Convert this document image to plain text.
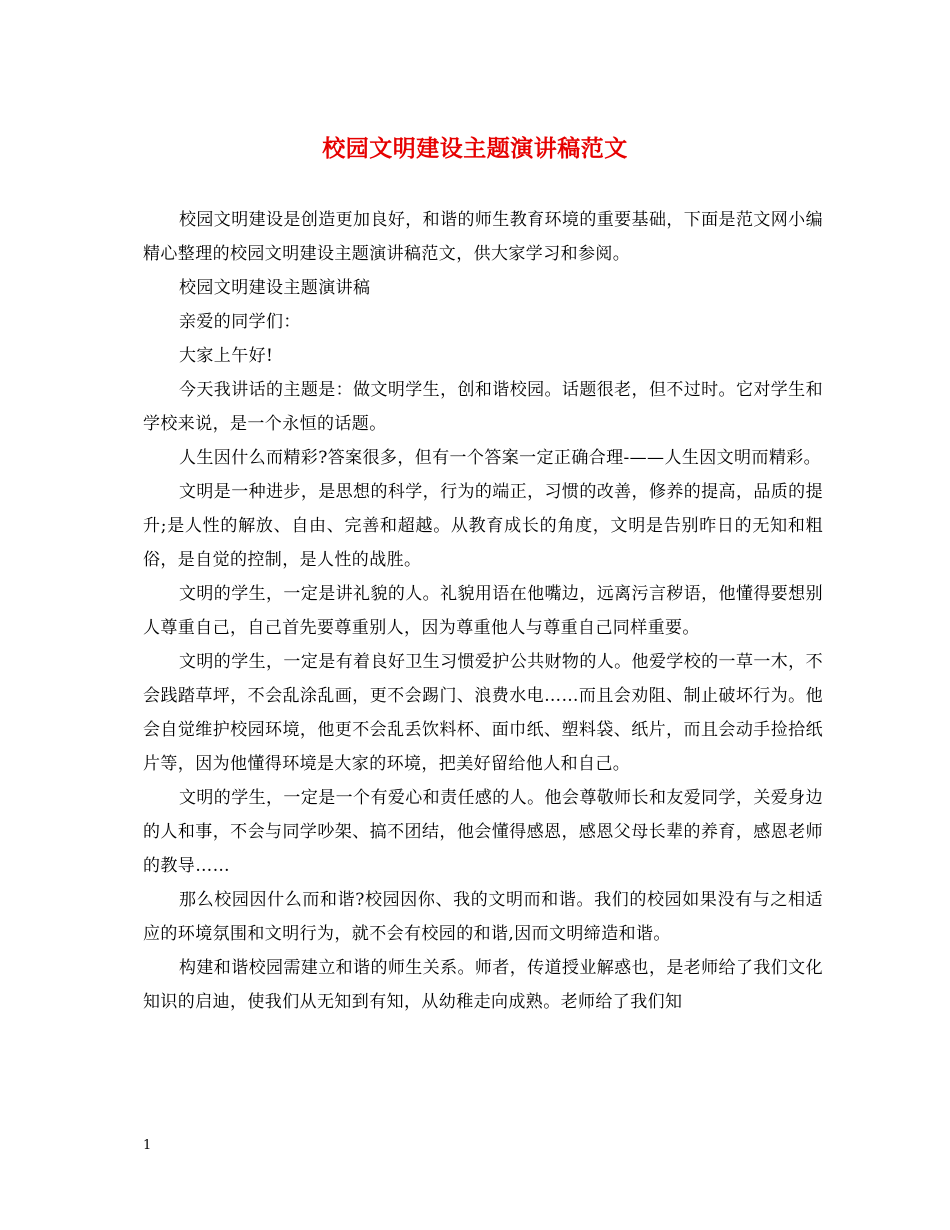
校园文明建设主题演讲稿范文

校园文明建设是创造更加良好，和谐的师生教育环境的重要基础，下面是范文网小编精心整理的校园文明建设主题演讲稿范文，供大家学习和参阅。

校园文明建设主题演讲稿

亲爱的同学们：

大家上午好!

今天我讲话的主题是：做文明学生，创和谐校园。话题很老，但不过时。它对学生和学校来说，是一个永恒的话题。

人生因什么而精彩?答案很多，但有一个答案一定正确合理-——人生因文明而精彩。

文明是一种进步，是思想的科学，行为的端正，习惯的改善，修养的提高，品质的提升;是人性的解放、自由、完善和超越。从教育成长的角度，文明是告别昨日的无知和粗俗，是自觉的控制，是人性的战胜。

文明的学生，一定是讲礼貌的人。礼貌用语在他嘴边，远离污言秽语，他懂得要想别人尊重自己，自己首先要尊重别人，因为尊重他人与尊重自己同样重要。

文明的学生，一定是有着良好卫生习惯爱护公共财物的人。他爱学校的一草一木，不会践踏草坪，不会乱涂乱画，更不会踢门、浪费水电……而且会劝阻、制止破坏行为。他会自觉维护校园环境，他更不会乱丢饮料杯、面巾纸、塑料袋、纸片，而且会动手捡拾纸片等，因为他懂得环境是大家的环境，把美好留给他人和自己。

文明的学生，一定是一个有爱心和责任感的人。他会尊敬师长和友爱同学，关爱身边的人和事，不会与同学吵架、搞不团结，他会懂得感恩，感恩父母长辈的养育，感恩老师的教导……

那么校园因什么而和谐?校园因你、我的文明而和谐。我们的校园如果没有与之相适应的环境氛围和文明行为，就不会有校园的和谐,因而文明缔造和谐。

构建和谐校园需建立和谐的师生关系。师者，传道授业解惑也，是老师给了我们文化知识的启迪，使我们从无知到有知，从幼稚走向成熟。老师给了我们知

1
